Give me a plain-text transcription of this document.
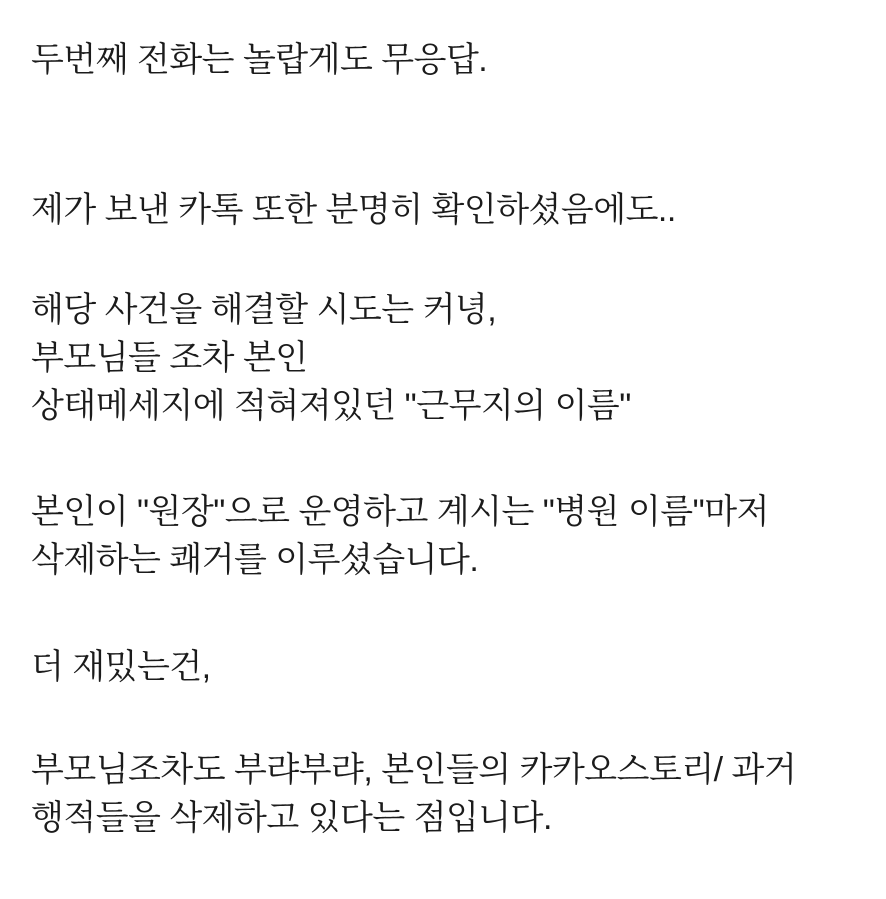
두번째 전화는 놀랍게도 무응답.
제가 보낸 카톡 또한 분명히 확인하셨음에도..
해당 사건을 해결할 시도는 커녕,
부모님들 조차 본인
상태메세지에 적혀져있던 "근무지의 이름"
본인이 "원장"으로 운영하고 계시는 "병원 이름"마저
삭제하는 쾌거를 이루셨습니다.
더 재밌는건,
부모님조차도 부랴부랴, 본인들의 카카오스토리/ 과거
행적들을 삭제하고 있다는 점입니다.
